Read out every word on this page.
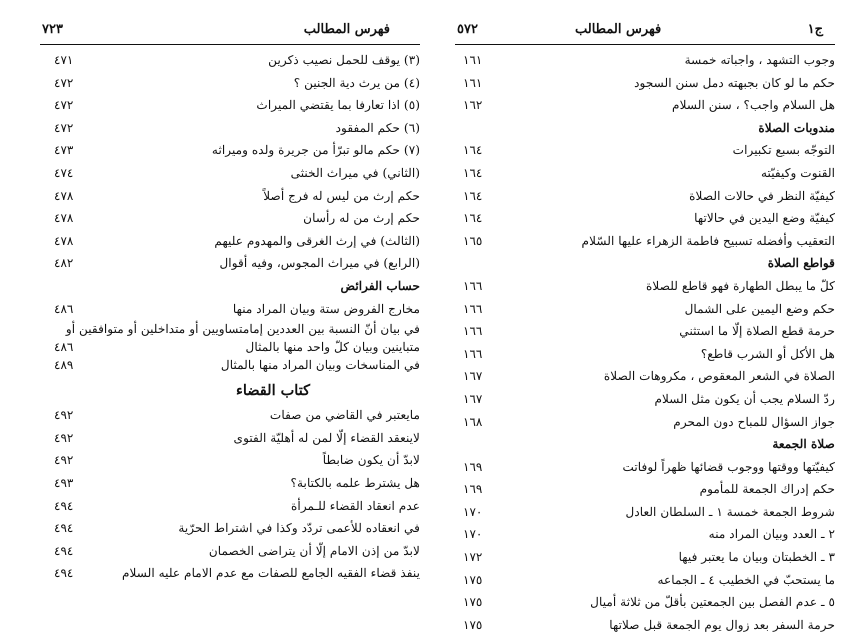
فهرس المطالب
٧٢٣
(٣) يوقف للحمل نصيب ذكرين
٤٧١
(٤) من يرث دية الجنين ؟
٤٧٢
(٥) اذا تعارفا بما يقتضي الميراث
٤٧٢
(٦) حكم المفقود
٤٧٢
(٧) حكم مالو تبرّأ من جريرة ولده وميراثه
٤٧٣
(الثاني) في ميراث الخنثى
٤٧٤
حكم إرث من ليس له فرج أصلاً
٤٧٨
حكم إرث من له رأسان
٤٧٨
(الثالث) في إرث الغرقى والمهدوم عليهم
٤٧٨
(الرابع) في ميراث المجوس، وفيه أقوال
٤٨٢
حساب الفرائض
مخارج الفروض ستة وبيان المراد منها
٤٨٦
في بيان أنّ النسبة بين العددين إمامتساويين أو متداخلين أو متوافقين أو
متباينين وبيان كلّ واحد منها بالمثال
٤٨٦
في المناسخات وبيان المراد منها بالمثال
٤٨٩
كتاب القضاء
مايعتبر في القاضي من صفات
٤٩٢
لاينعقد القضاء إلّا لمن له أهليّة الفتوى
٤٩٢
لابدّ أن يكون ضابطاً
٤٩٢
هل يشترط علمه بالكتابة؟
٤٩٣
عدم انعقاد القضاء للـمرأة
٤٩٤
في انعقاده للأعمى تردّد وكذا في اشتراط الحرّية
٤٩٤
لابدّ من إذن الامام إلّا أن يتراضى الخصمان
٤٩٤
ينفذ قضاء الفقيه الجامع للصفات مع عدم الامام عليه السلام
٤٩٤
ج١
فهرس المطالب
٥٧٢
وجوب التشهد ، واجباته خمسة
١٦١
حكم ما لو كان بجبهته دمل سنن السجود
١٦١
هل السلام واجب؟ ، سنن السلام
١٦٢
مندوبات الصلاة
التوجّه بسبع تكبيرات
١٦٤
القنوت وكيفيّته
١٦٤
كيفيّة النظر في حالات الصلاة
١٦٤
كيفيّة وضع اليدين في حالاتها
١٦٤
التعقيب وأفضله تسبيح فاطمة الزهراء عليها السّلام
١٦٥
قواطع الصلاة
كلّ ما يبطل الطهارة فهو قاطع للصلاة
١٦٦
حكم وضع اليمين على الشمال
١٦٦
حرمة قطع الصلاة إلّا ما استثني
١٦٦
هل الأكل أو الشرب قاطع؟
١٦٦
الصلاة في الشعر المعقوص ، مكروهات الصلاة
١٦٧
ردّ السلام يجب أن يكون مثل السلام
١٦٧
جواز السؤال للمباح دون المحرم
١٦٨
صلاة الجمعة
كيفيّتها ووقتها ووجوب قضائها ظهراً لوفاتت
١٦٩
حكم إدراك الجمعة للمأموم
١٦٩
شروط الجمعة خمسة ١ ـ السلطان العادل
١٧٠
٢ ـ العدد وبيان المراد منه
١٧٠
٣ ـ الخطبتان وبيان ما يعتبر فيها
١٧٢
ما يستحبّ في الخطيب ٤ ـ الجماعه
١٧٥
٥ ـ عدم الفصل بين الجمعتين بأقلّ من ثلاثة أميال
١٧٥
حرمة السفر بعد زوال يوم الجمعة قبل صلاتها
١٧٥
